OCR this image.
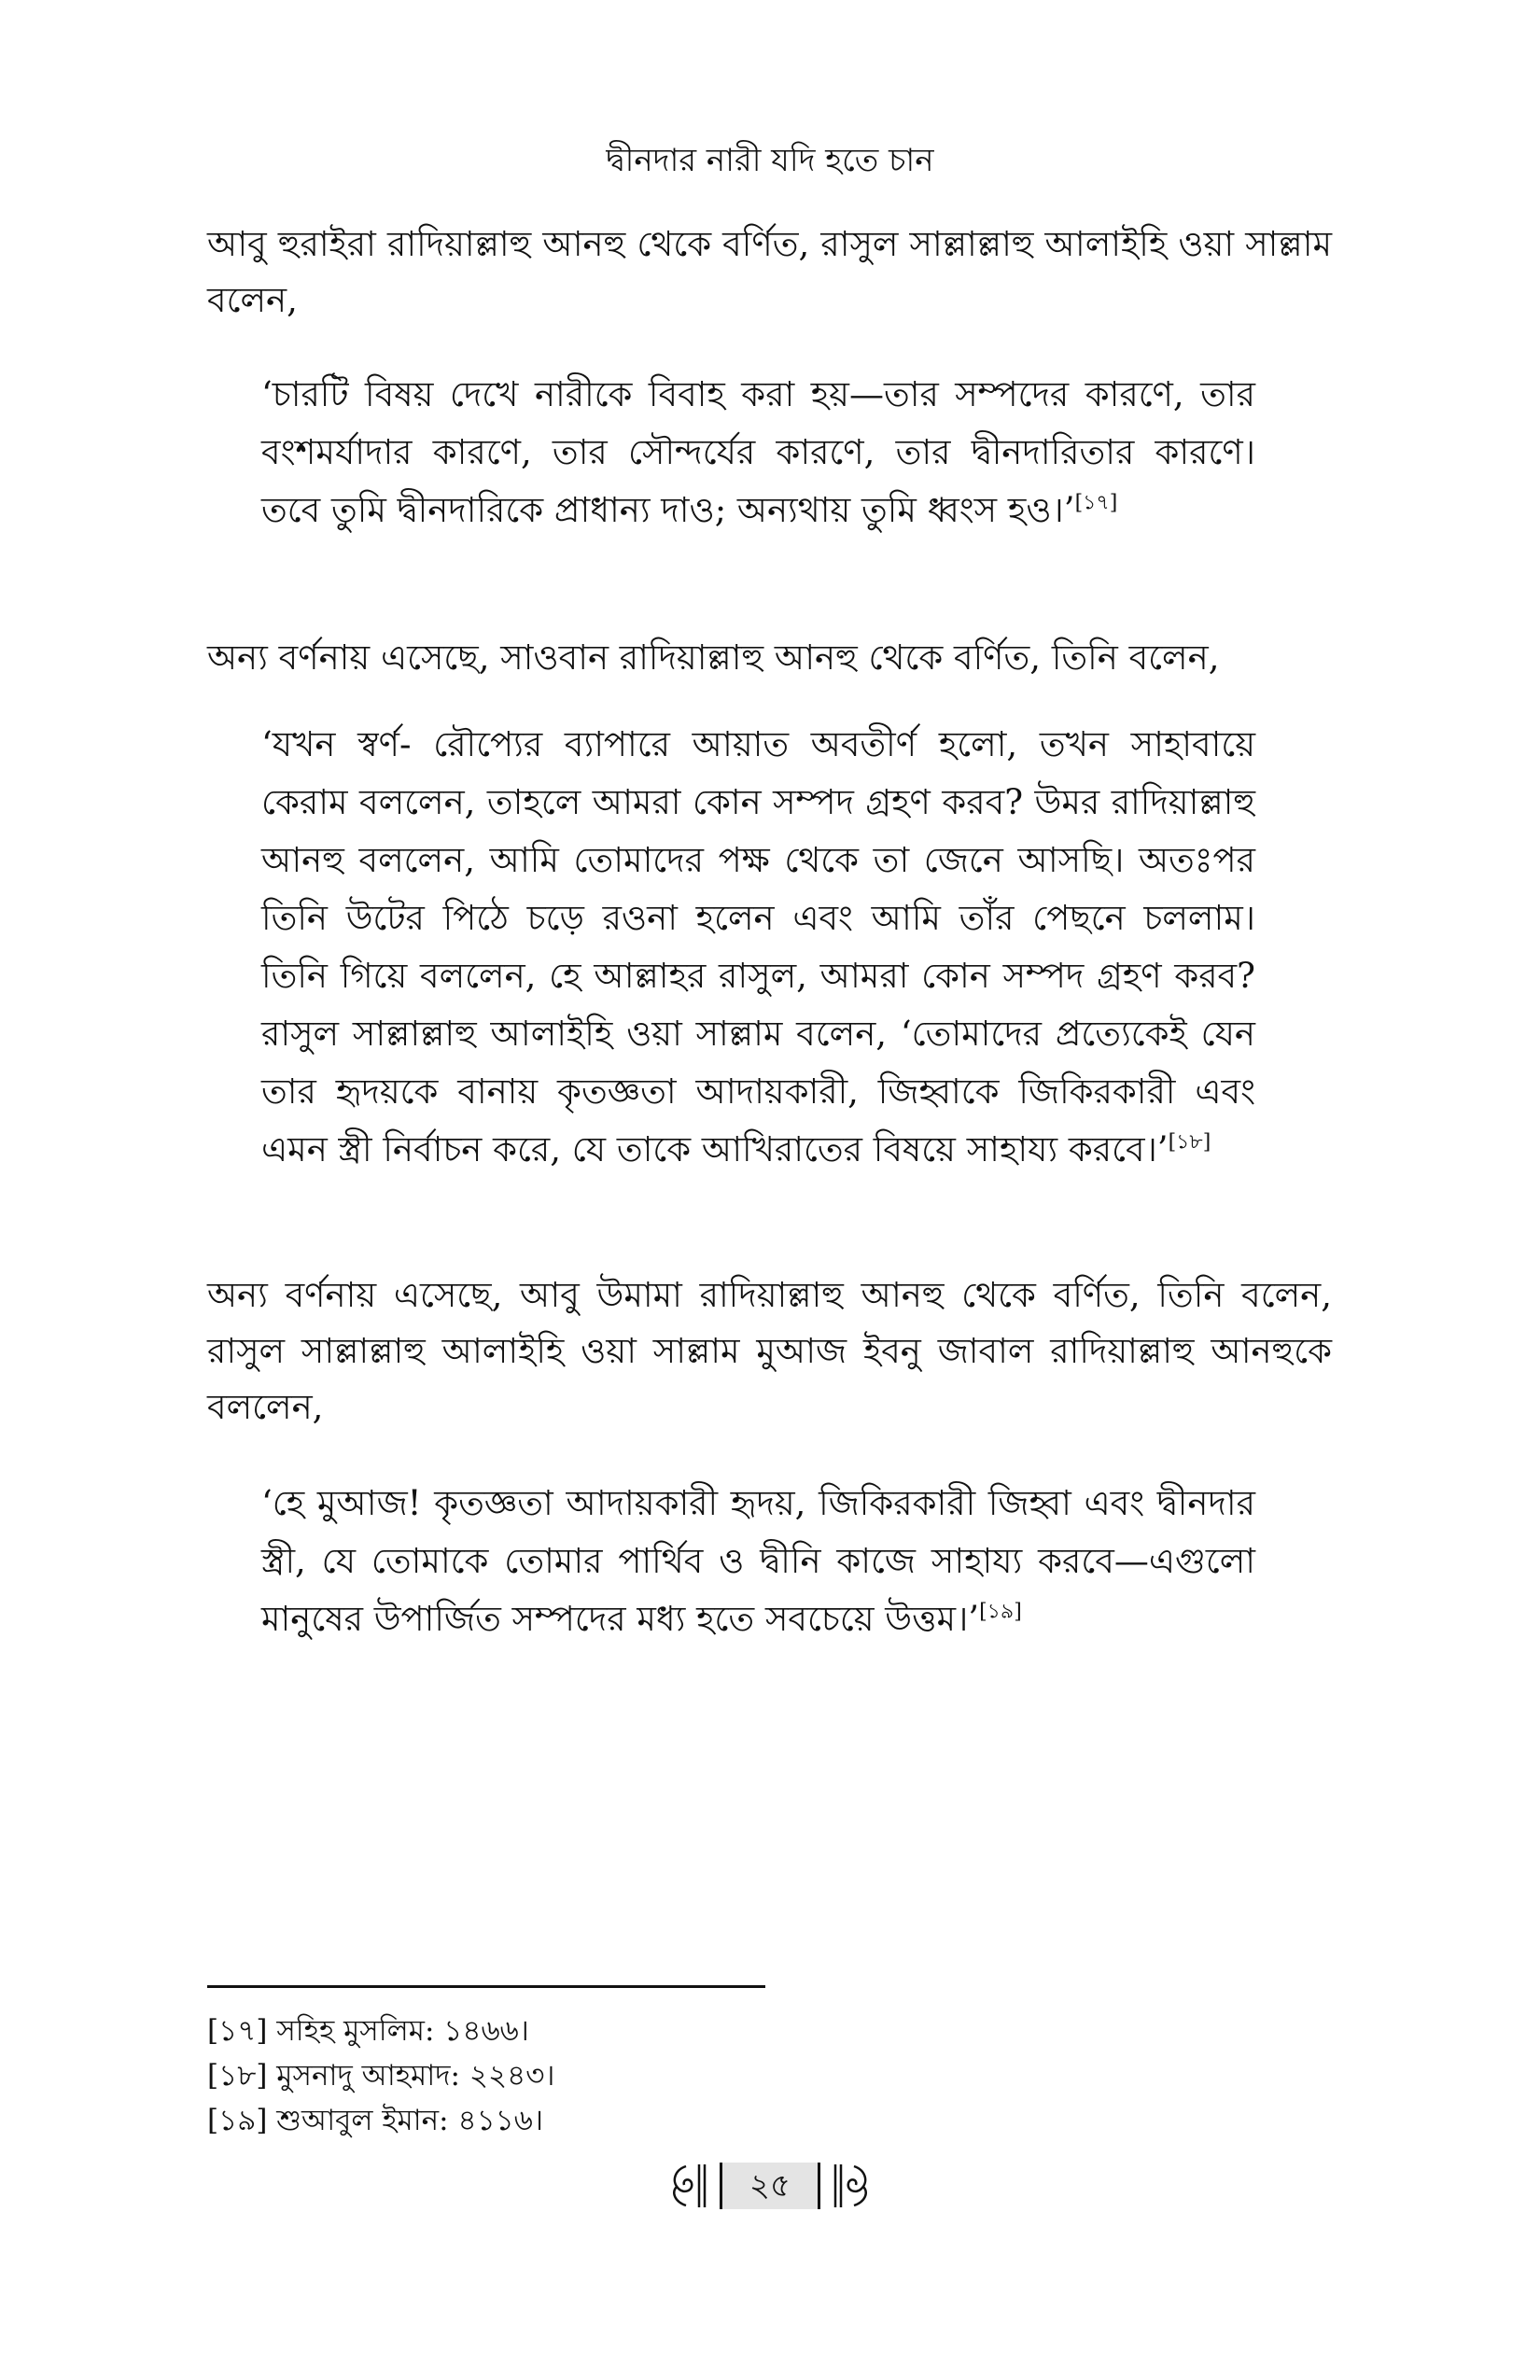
দ্বীনদার নারী যদি হতে চান

আবু হুরাইরা রাদিয়াল্লাহু আনহু থেকে বর্ণিত, রাসুল সাল্লাল্লাহু আলাইহি ওয়া সাল্লাম বলেন,

‘চারটি বিষয় দেখে নারীকে বিবাহ করা হয়—তার সম্পদের কারণে, তার বংশমর্যাদার কারণে, তার সৌন্দর্যের কারণে, তার দ্বীনদারিতার কারণে। তবে তুমি দ্বীনদারিকে প্রাধান্য দাও; অন্যথায় তুমি ধ্বংস হও।’[১৭]

অন্য বর্ণনায় এসেছে, সাওবান রাদিয়াল্লাহু আনহু থেকে বর্ণিত, তিনি বলেন,

‘যখন স্বর্ণ- রৌপ্যের ব্যাপারে আয়াত অবতীর্ণ হলো, তখন সাহাবায়ে কেরাম বললেন, তাহলে আমরা কোন সম্পদ গ্রহণ করব? উমর রাদিয়াল্লাহু আনহু বললেন, আমি তোমাদের পক্ষ থেকে তা জেনে আসছি। অতঃপর তিনি উটের পিঠে চড়ে রওনা হলেন এবং আমি তাঁর পেছনে চললাম। তিনি গিয়ে বললেন, হে আল্লাহর রাসুল, আমরা কোন সম্পদ গ্রহণ করব? রাসুল সাল্লাল্লাহু আলাইহি ওয়া সাল্লাম বলেন, ‘তোমাদের প্রত্যেকেই যেন তার হৃদয়কে বানায় কৃতজ্ঞতা আদায়কারী, জিহ্বাকে জিকিরকারী এবং এমন স্ত্রী নির্বাচন করে, যে তাকে আখিরাতের বিষয়ে সাহায্য করবে।’[১৮]

অন্য বর্ণনায় এসেছে, আবু উমামা রাদিয়াল্লাহু আনহু থেকে বর্ণিত, তিনি বলেন, রাসুল সাল্লাল্লাহু আলাইহি ওয়া সাল্লাম মুআজ ইবনু জাবাল রাদিয়াল্লাহু আনহুকে বললেন,

‘হে মুআজ! কৃতজ্ঞতা আদায়কারী হৃদয়, জিকিরকারী জিহ্বা এবং দ্বীনদার স্ত্রী, যে তোমাকে তোমার পার্থিব ও দ্বীনি কাজে সাহায্য করবে—এগুলো মানুষের উপার্জিত সম্পদের মধ্য হতে সবচেয়ে উত্তম।’[১৯]

[১৭] সহিহ মুসলিম: ১৪৬৬।
[১৮] মুসনাদু আহমাদ: ২২৪৩।
[১৯] শুআবুল ইমান: ৪১১৬।
২৫
